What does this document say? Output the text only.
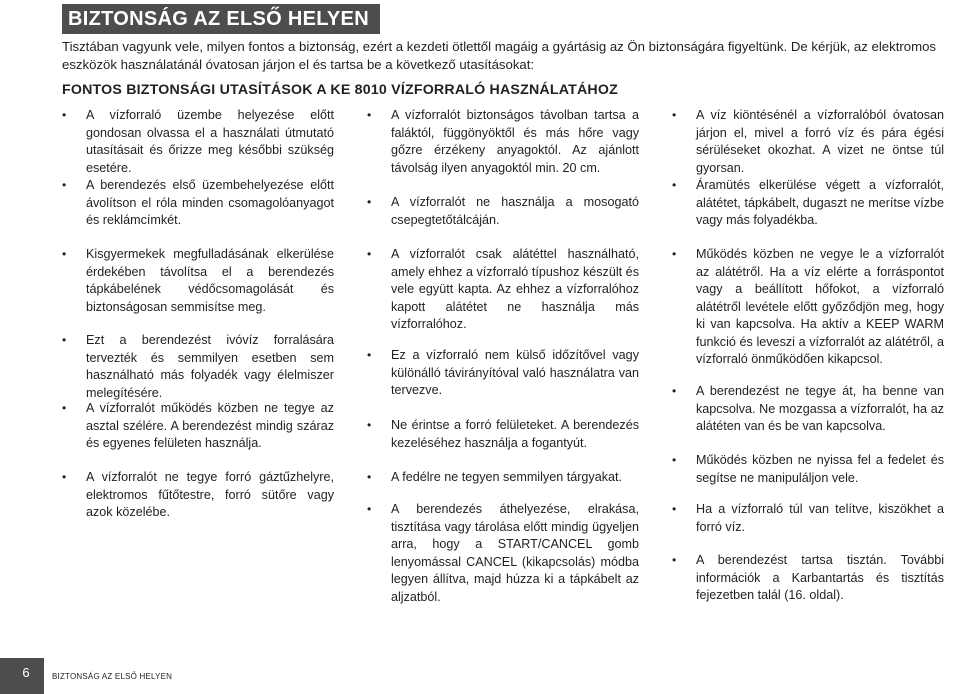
BIZTONSÁG AZ ELSŐ HELYEN
Tisztában vagyunk vele, milyen fontos a biztonság, ezért a kezdeti ötlettől magáig a gyártásig az Ön biztonságára figyeltünk. De kérjük, az elektromos eszközök használatánál óvatosan járjon el és tartsa be a következő utasításokat:
FONTOS BIZTONSÁGI UTASÍTÁSOK A KE 8010 VÍZFORRALÓ HASZNÁLATÁHOZ
•	A vízforraló üzembe helyezése előtt gondosan olvassa el a használati útmutató utasításait és őrizze meg későbbi szükség esetére.
•	A berendezés első üzembehelyezése előtt ávolítson el róla minden csomagolóanyagot és reklámcímkét.
•	Kisgyermekek megfulladásának elkerülése érdekében távolítsa el a berendezés tápkábelének védőcsomagolását és biztonságosan semmisítse meg.
•	Ezt a berendezést ivóvíz forralására tervezték és semmilyen esetben sem használható más folyadék vagy élelmiszer melegítésére.
•	A vízforralót működés közben ne tegye az asztal szélére. A berendezést mindig száraz és egyenes felületen használja.
•	A vízforralót ne tegye forró gáztűzhelyre, elektromos fűtőtestre, forró sütőre vagy azok közelébe.
•	A vízforralót biztonságos távolban tartsa a faláktól, függönyöktől és más hőre vagy gőzre érzékeny anyagoktól. Az ajánlott távolság ilyen anyagoktól min. 20 cm.
•	A vízforralót ne használja a mosogató csepegtetőtálcáján.
•	A vízforralót csak alátéttel használható, amely ehhez a vízforraló típushoz készült és vele együtt kapta. Az ehhez a vízforralóhoz kapott alátétet ne használja más vízforralóhoz.
•	Ez a vízforraló nem külső időzítővel vagy különálló távirányítóval való használatra van tervezve.
•	Ne érintse a forró felületeket. A berendezés kezeléséhez használja a fogantyút.
•	A fedélre ne tegyen semmilyen tárgyakat.
•	A berendezés áthelyezése, elrakása, tisztítása vagy tárolása előtt mindig ügyeljen arra, hogy a START/CANCEL gomb lenyomással CANCEL (kikapcsolás) módba legyen állítva, majd húzza ki a tápkábelt az aljzatból.
•	A víz kiöntésénél a vízforralóból óvatosan járjon el, mivel a forró víz és pára égési sérüléseket okozhat. A vizet ne öntse túl gyorsan.
•	Áramütés elkerülése végett a vízforralót, alátétet, tápkábelt, dugaszt ne merítse vízbe vagy más folyadékba.
•	Működés közben ne vegye le a vízforralót az alátétről. Ha a víz elérte a forráspontot vagy a beállított hőfokot, a vízforraló alátétről levétele előtt győződjön meg, hogy ki van kapcsolva. Ha aktív a KEEP WARM funkció és leveszi a vízforralót az alátétről, a vízforraló önműködően kikapcsol.
•	A berendezést ne tegye át, ha benne van kapcsolva. Ne mozgassa a vízforralót, ha az alátéten van és be van kapcsolva.
•	Működés közben ne nyissa fel a fedelet és segítse ne manipuláljon vele.
•	Ha a vízforraló túl van telítve, kiszökhet a forró víz.
•	A berendezést tartsa tisztán. További információk a Karbantartás és tisztítás fejezetben talál (16. oldal).
6	BIZTONSÁG AZ ELSŐ HELYEN
